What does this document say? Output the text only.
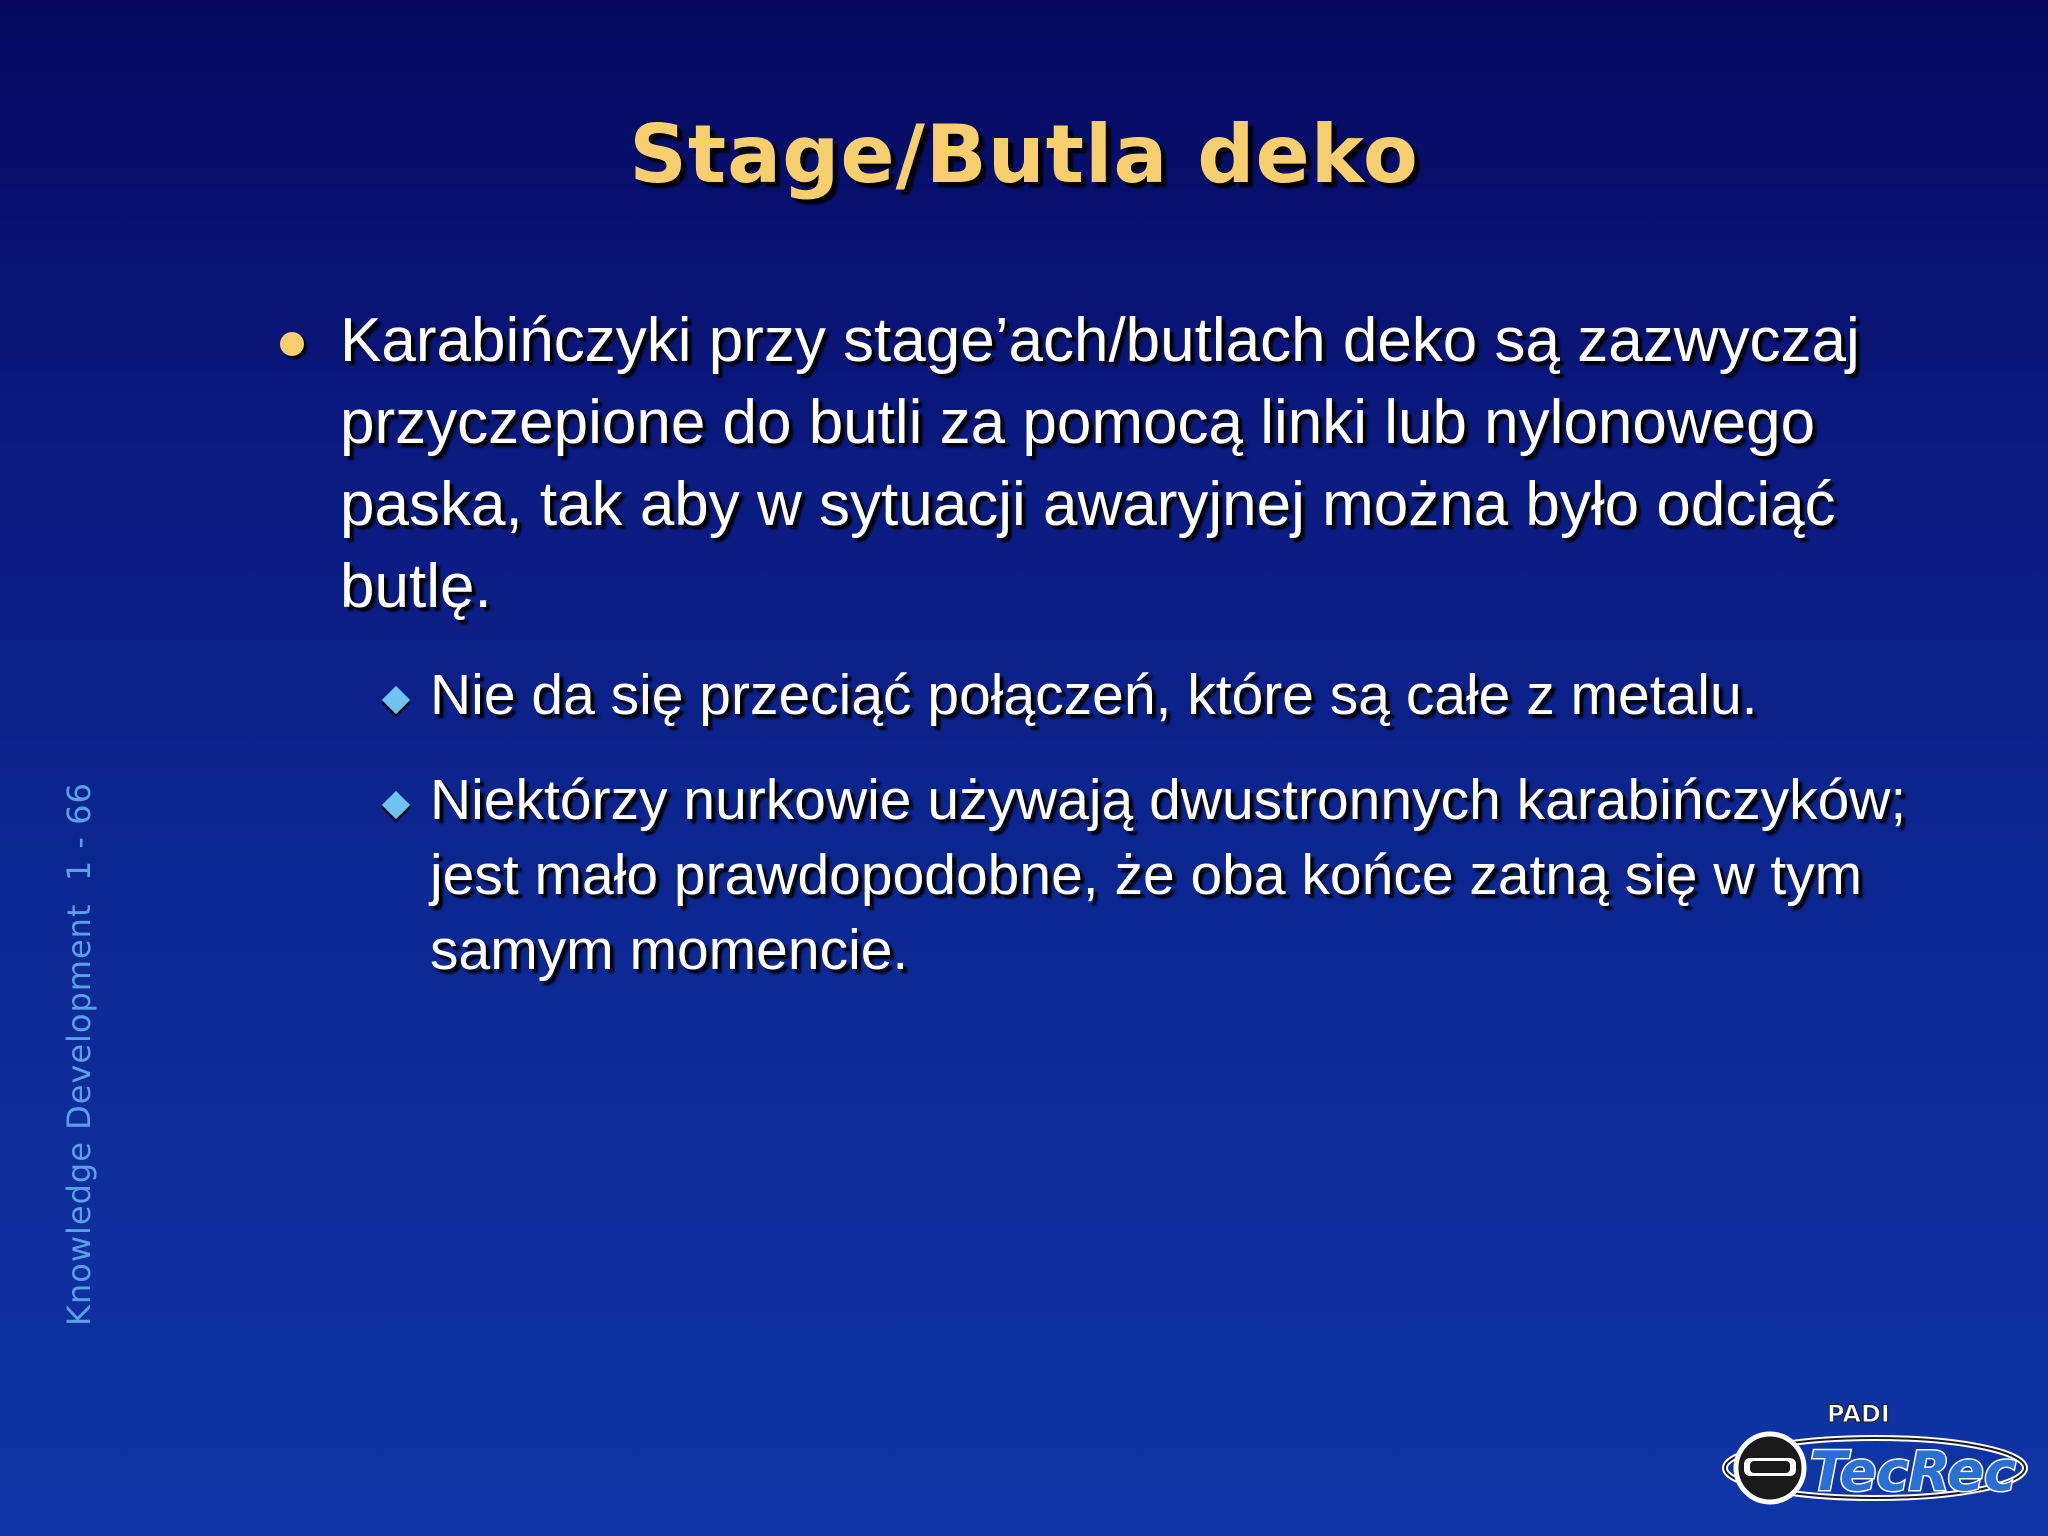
Stage/Butla deko
Karabińczyki przy stage’ach/butlach deko są zazwyczaj przyczepione do butli za pomocą linki lub nylonowego paska, tak aby w sytuacji awaryjnej można było odciąć butlę.
Nie da się przeciąć połączeń, które są całe z metalu.
Niektórzy nurkowie używają dwustronnych karabińczyków; jest mało prawdopodobne, że oba końce zatną się w tym samym momencie.
Knowledge Development  1 - 66
PADI
TecRec
